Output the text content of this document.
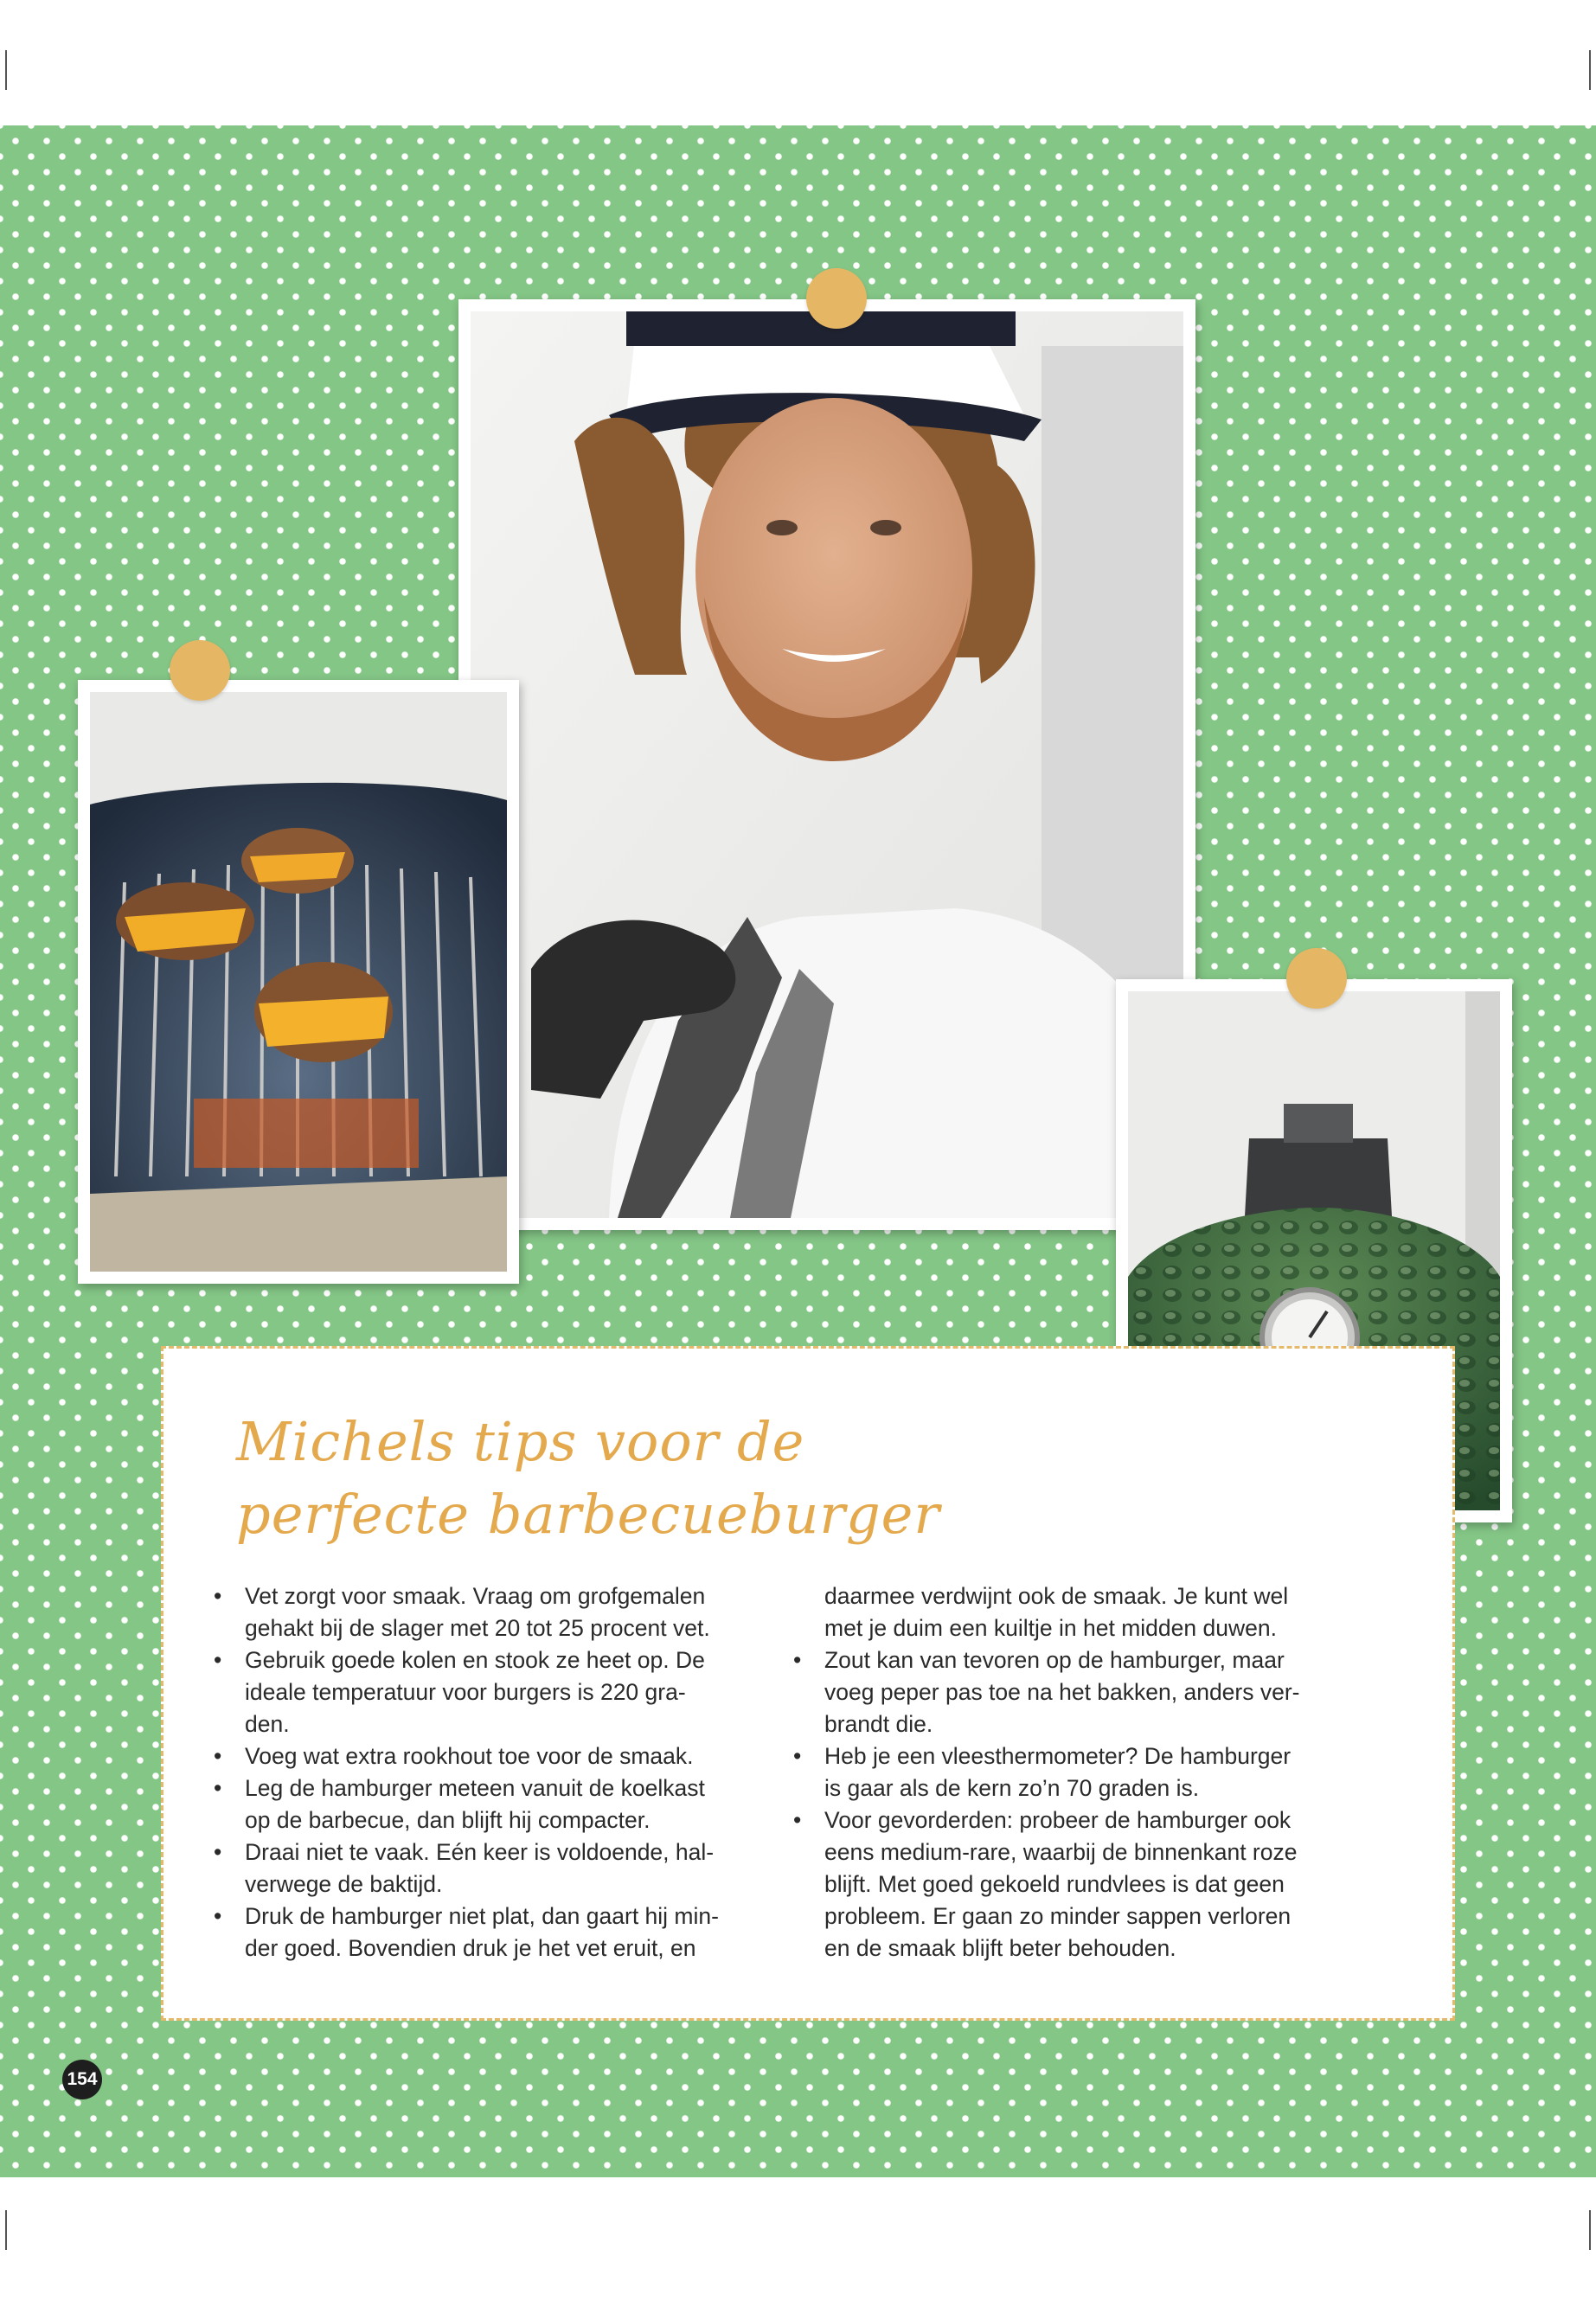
Michels tips voor de
perfecte barbecueburger
• Vet zorgt voor smaak. Vraag om grofgemalen
gehakt bij de slager met 20 tot 25 procent vet.
• Gebruik goede kolen en stook ze heet op. De
ideale temperatuur voor burgers is 220 gra-
den.
• Voeg wat extra rookhout toe voor de smaak.
• Leg de hamburger meteen vanuit de koelkast
op de barbecue, dan blijft hij compacter.
• Draai niet te vaak. Eén keer is voldoende, hal-
verwege de baktijd.
• Druk de hamburger niet plat, dan gaart hij min-
der goed. Bovendien druk je het vet eruit, en
daarmee verdwijnt ook de smaak. Je kunt wel
met je duim een kuiltje in het midden duwen.
• Zout kan van tevoren op de hamburger, maar
voeg peper pas toe na het bakken, anders ver-
brandt die.
• Heb je een vleesthermometer? De hamburger
is gaar als de kern zo’n 70 graden is.
• Voor gevorderden: probeer de hamburger ook
eens medium-rare, waarbij de binnenkant roze
blijft. Met goed gekoeld rundvlees is dat geen
probleem. Er gaan zo minder sappen verloren
en de smaak blijft beter behouden.
154
